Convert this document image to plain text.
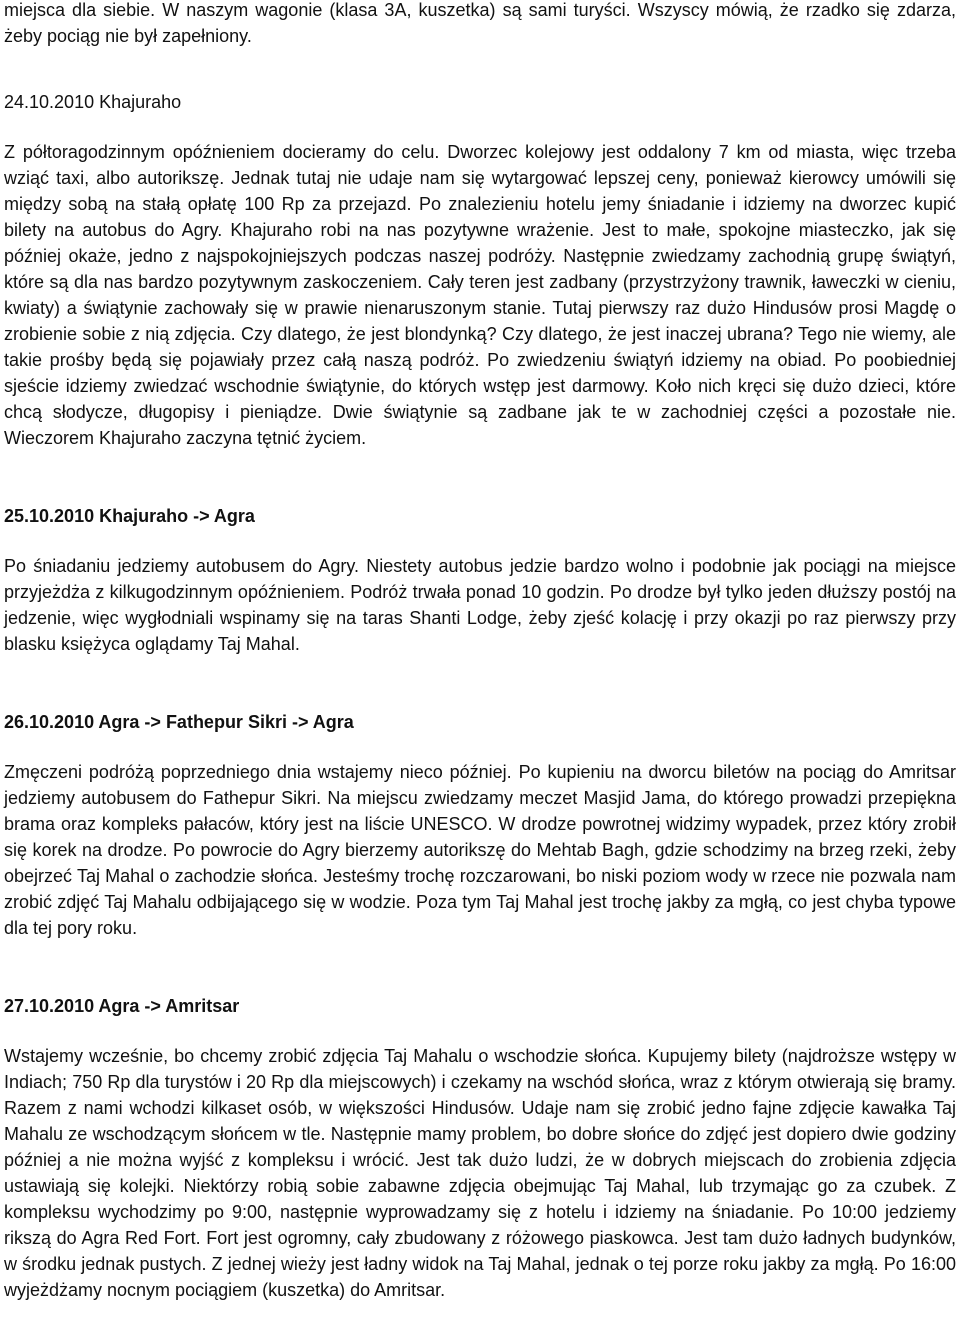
miejsca dla siebie. W naszym wagonie (klasa 3A, kuszetka) są sami turyści. Wszyscy mówią, że rzadko się zdarza, żeby pociąg nie był zapełniony.

24.10.2010 Khajuraho

Z półtoragodzinnym opóźnieniem docieramy do celu. Dworzec kolejowy jest oddalony 7 km od miasta, więc trzeba wziąć taxi, albo autorikszę. Jednak tutaj nie udaje nam się wytargować lepszej ceny, ponieważ kierowcy umówili się między sobą na stałą opłatę 100 Rp za przejazd. Po znalezieniu hotelu jemy śniadanie i idziemy na dworzec kupić bilety na autobus do Agry. Khajuraho robi na nas pozytywne wrażenie. Jest to małe, spokojne miasteczko, jak się później okaże, jedno z najspokojniejszych podczas naszej podróży. Następnie zwiedzamy zachodnią grupę świątyń, które są dla nas bardzo pozytywnym zaskoczeniem. Cały teren jest zadbany (przystrzyżony trawnik, ławeczki w cieniu, kwiaty) a świątynie zachowały się w prawie nienaruszonym stanie. Tutaj pierwszy raz dużo Hindusów prosi Magdę o zrobienie sobie z nią zdjęcia. Czy dlatego, że jest blondynką? Czy dlatego, że jest inaczej ubrana? Tego nie wiemy, ale takie prośby będą się pojawiały przez całą naszą podróż. Po zwiedzeniu świątyń idziemy na obiad. Po poobiedniej sjeście idziemy zwiedzać wschodnie świątynie, do których wstęp jest darmowy. Koło nich kręci się dużo dzieci, które chcą słodycze, długopisy i pieniądze. Dwie świątynie są zadbane jak te w zachodniej części a pozostałe nie. Wieczorem Khajuraho zaczyna tętnić życiem.

25.10.2010 Khajuraho -> Agra

Po śniadaniu jedziemy autobusem do Agry. Niestety autobus jedzie bardzo wolno i podobnie jak pociągi na miejsce przyjeżdża z kilkugodzinnym opóźnieniem. Podróż trwała ponad 10 godzin. Po drodze był tylko jeden dłuższy postój na jedzenie, więc wygłodniali wspinamy się na taras Shanti Lodge, żeby zjeść kolację i przy okazji po raz pierwszy przy blasku księżyca oglądamy Taj Mahal.

26.10.2010 Agra -> Fathepur Sikri -> Agra

Zmęczeni podróżą poprzedniego dnia wstajemy nieco później. Po kupieniu na dworcu biletów na pociąg do Amritsar jedziemy autobusem do Fathepur Sikri. Na miejscu zwiedzamy meczet Masjid Jama, do którego prowadzi przepiękna brama oraz kompleks pałaców, który jest na liście UNESCO. W drodze powrotnej widzimy wypadek, przez który zrobił się korek na drodze. Po powrocie do Agry bierzemy autorikszę do Mehtab Bagh, gdzie schodzimy na brzeg rzeki, żeby obejrzeć Taj Mahal o zachodzie słońca. Jesteśmy trochę rozczarowani, bo niski poziom wody w rzece nie pozwala nam zrobić zdjęć Taj Mahalu odbijającego się w wodzie. Poza tym Taj Mahal jest trochę jakby za mgłą, co jest chyba typowe dla tej pory roku.

27.10.2010 Agra -> Amritsar

Wstajemy wcześnie, bo chcemy zrobić zdjęcia Taj Mahalu o wschodzie słońca. Kupujemy bilety (najdroższe wstępy w Indiach; 750 Rp dla turystów i 20 Rp dla miejscowych) i czekamy na wschód słońca, wraz z którym otwierają się bramy. Razem z nami wchodzi kilkaset osób, w większości Hindusów. Udaje nam się zrobić jedno fajne zdjęcie kawałka Taj Mahalu ze wschodzącym słońcem w tle. Następnie mamy problem, bo dobre słońce do zdjęć jest dopiero dwie godziny później a nie można wyjść z kompleksu i wrócić. Jest tak dużo ludzi, że w dobrych miejscach do zrobienia zdjęcia ustawiają się kolejki. Niektórzy robią sobie zabawne zdjęcia obejmując Taj Mahal, lub trzymając go za czubek. Z kompleksu wychodzimy po 9:00, następnie wyprowadzamy się z hotelu i idziemy na śniadanie. Po 10:00 jedziemy rikszą do Agra Red Fort. Fort jest ogromny, cały zbudowany z różowego piaskowca. Jest tam dużo ładnych budynków, w środku jednak pustych. Z jednej wieży jest ładny widok na Taj Mahal, jednak o tej porze roku jakby za mgłą. Po 16:00 wyjeżdżamy nocnym pociągiem (kuszetka) do Amritsar.
